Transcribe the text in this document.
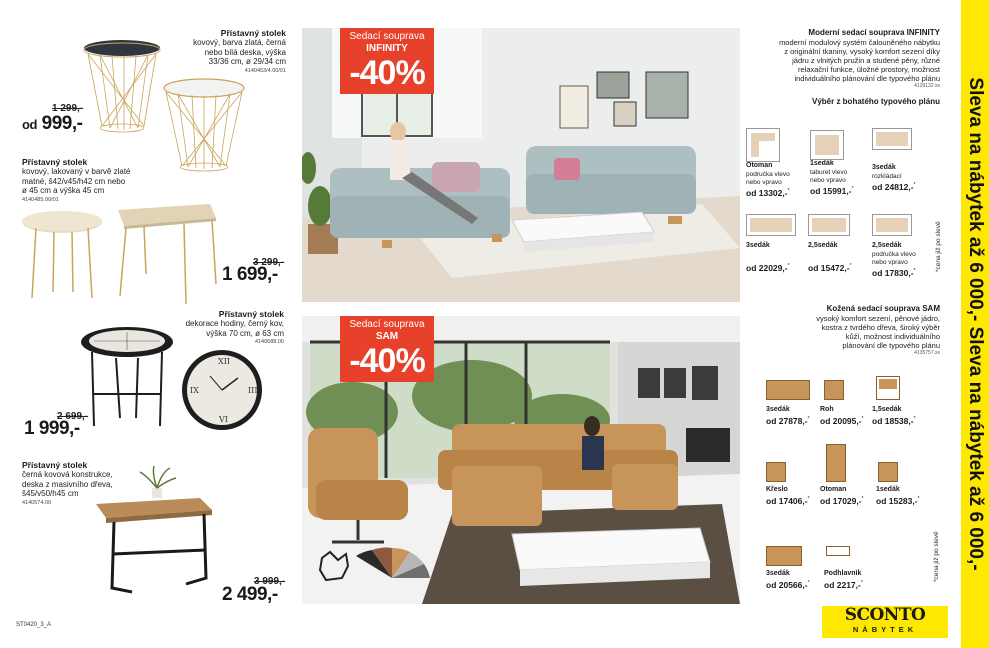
Přístavný stolek
kovový, barva zlatá, černá
nebo bílá deska, výška
33/36 cm, ø 29/34 cm
4140453/4.00/01
1 299,-
od 999,-
Přístavný stolek
kovový, lakovaný v barvě zlaté
matné, š42/v45/h42 cm nebo
ø 45 cm a výška 45 cm
4140485.00/01
3 299,-
1 699,-
Přístavný stolek
dekorace hodiny, černý kov,
výška 70 cm, ø 63 cm
4140688.00
XII
III
VI
IX
2 699,-
1 999,-
Přístavný stolek
černá kovová konstrukce,
deska z masivního dřeva,
š45/v50/h45 cm
4140574.00
3 999,-
2 499,-
ST0420_3_A
Sedací souprava
INFINITY
-40%
Sedací souprava
SAM
-40%
Moderní sedací souprava INFINITY
moderní modulový systém čalouněného nábytku
z originální tkaniny, vysoký komfort sezení díky
jádru z vlnitých pružin a studené pěny, různé
relaxační funkce, úložné prostory, možnost
individuálního plánování dle typového plánu
4139132.xx
Výběr z bohatého typového plánu
Otoman
područka vlevo
nebo vpravo
od 13302,-*
1sedák
taburet vlevo
nebo vpravo
od 15991,-*
3sedák
rozkládací
od 24812,-*
3sedák
od 22029,-*
2,5sedák
od 15472,-*
2,5sedák
područka vlevo
nebo vpravo
od 17830,-*	*cena již po slevě
Kožená sedací souprava SAM
vysoký komfort sezení, pěnové jádro,
kostra z tvrdého dřeva, široký výběr
kůží, možnost individuálního
plánování dle typového plánu
4135757.xx
3sedák
od 27878,-*
Roh
od 20095,-*
1,5sedák
od 18538,-*
Křeslo
od 17406,-*
Otoman
od 17029,-*
1sedák
od 15283,-*
3sedák
od 20566,-*
Podhlavník
od 2217,-*
*cena již po slevě
SCONTO
NÁBYTEK
Sleva na nábytek až 6 000,- Sleva na nábytek až 6 000,-
